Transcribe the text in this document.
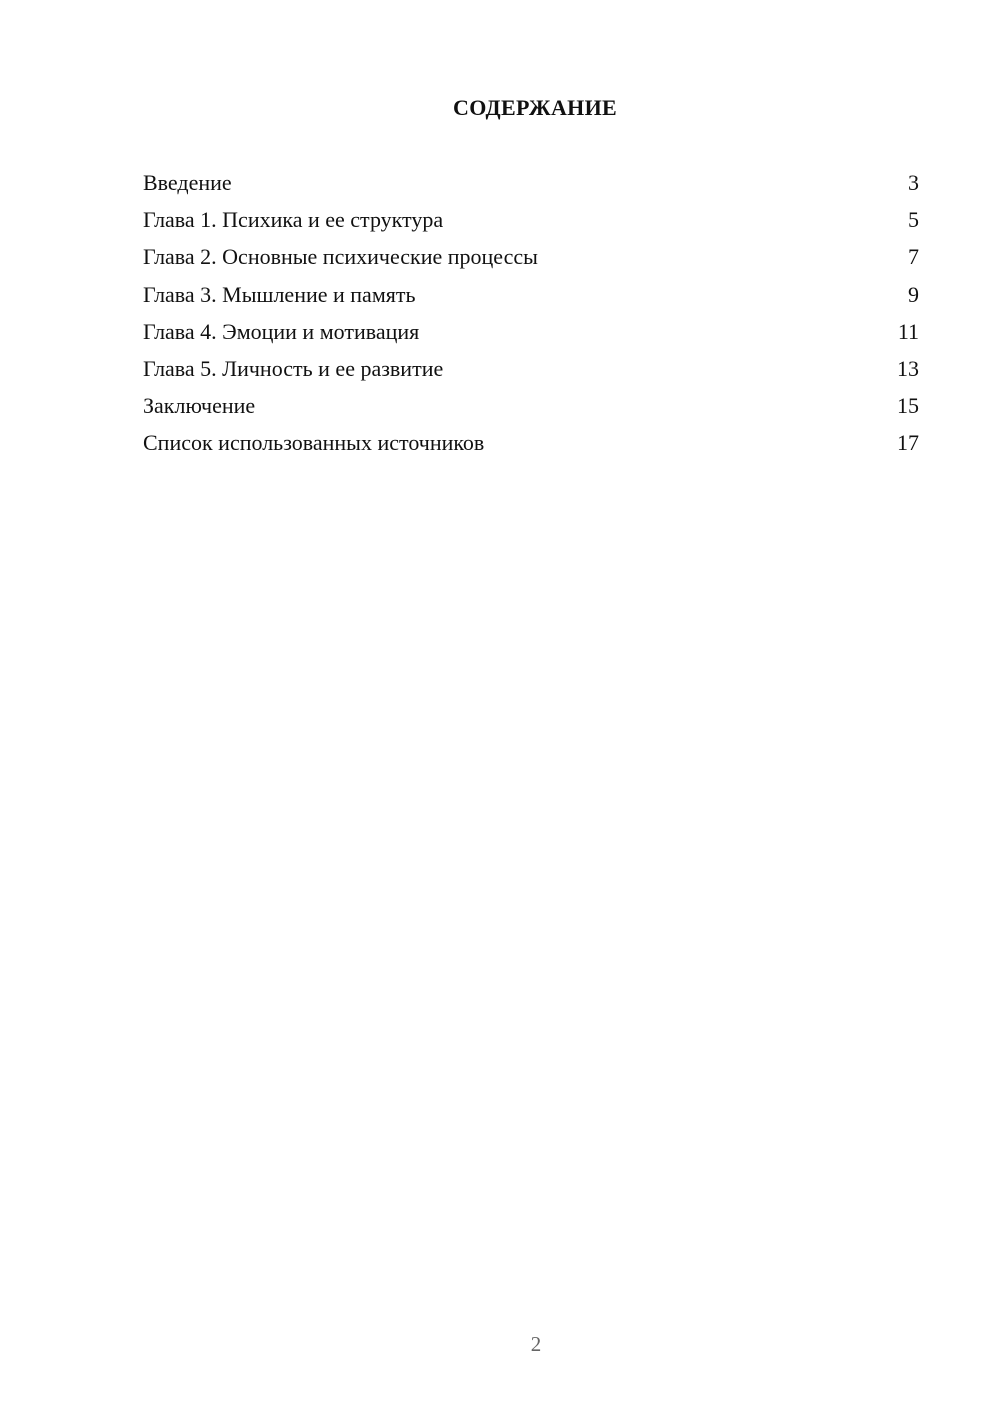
СОДЕРЖАНИЕ
Введение	3
Глава 1. Психика и ее структура	5
Глава 2. Основные психические процессы	7
Глава 3. Мышление и память	9
Глава 4. Эмоции и мотивация	11
Глава 5. Личность и ее развитие	13
Заключение	15
Список использованных источников	17
2
